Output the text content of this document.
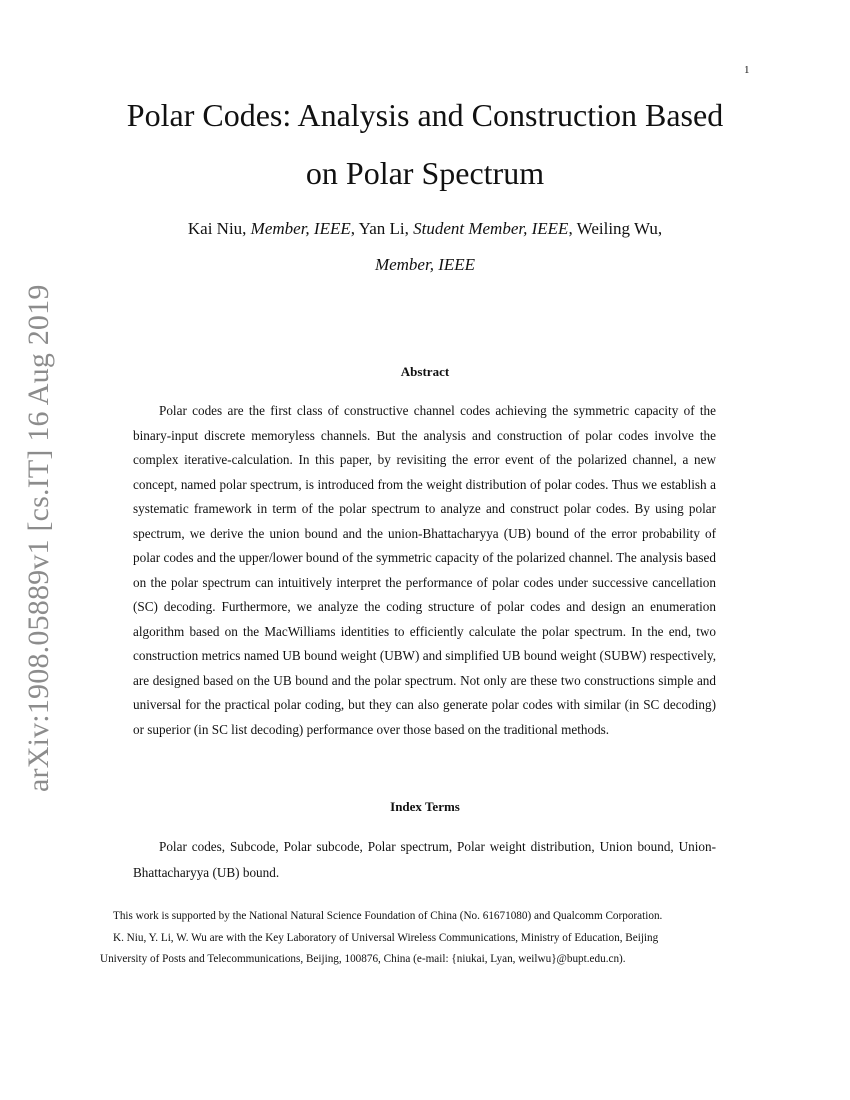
1
arXiv:1908.05889v1 [cs.IT] 16 Aug 2019
Polar Codes: Analysis and Construction Based
on Polar Spectrum
Kai Niu, Member, IEEE, Yan Li, Student Member, IEEE, Weiling Wu,
Member, IEEE
Abstract

Polar codes are the first class of constructive channel codes achieving the symmetric capacity of the binary-input discrete memoryless channels. But the analysis and construction of polar codes involve the complex iterative-calculation. In this paper, by revisiting the error event of the polarized channel, a new concept, named polar spectrum, is introduced from the weight distribution of polar codes. Thus we establish a systematic framework in term of the polar spectrum to analyze and construct polar codes. By using polar spectrum, we derive the union bound and the union-Bhattacharyya (UB) bound of the error probability of polar codes and the upper/lower bound of the symmetric capacity of the polarized channel. The analysis based on the polar spectrum can intuitively interpret the performance of polar codes under successive cancellation (SC) decoding. Furthermore, we analyze the coding structure of polar codes and design an enumeration algorithm based on the MacWilliams identities to efficiently calculate the polar spectrum. In the end, two construction metrics named UB bound weight (UBW) and simplified UB bound weight (SUBW) respectively, are designed based on the UB bound and the polar spectrum. Not only are these two constructions simple and universal for the practical polar coding, but they can also generate polar codes with similar (in SC decoding) or superior (in SC list decoding) performance over those based on the traditional methods.

Index Terms

Polar codes, Subcode, Polar subcode, Polar spectrum, Polar weight distribution, Union bound, Union-Bhattacharyya (UB) bound.

This work is supported by the National Natural Science Foundation of China (No. 61671080) and Qualcomm Corporation.
K. Niu, Y. Li, W. Wu are with the Key Laboratory of Universal Wireless Communications, Ministry of Education, Beijing
University of Posts and Telecommunications, Beijing, 100876, China (e-mail: {niukai, Lyan, weilwu}@bupt.edu.cn).
